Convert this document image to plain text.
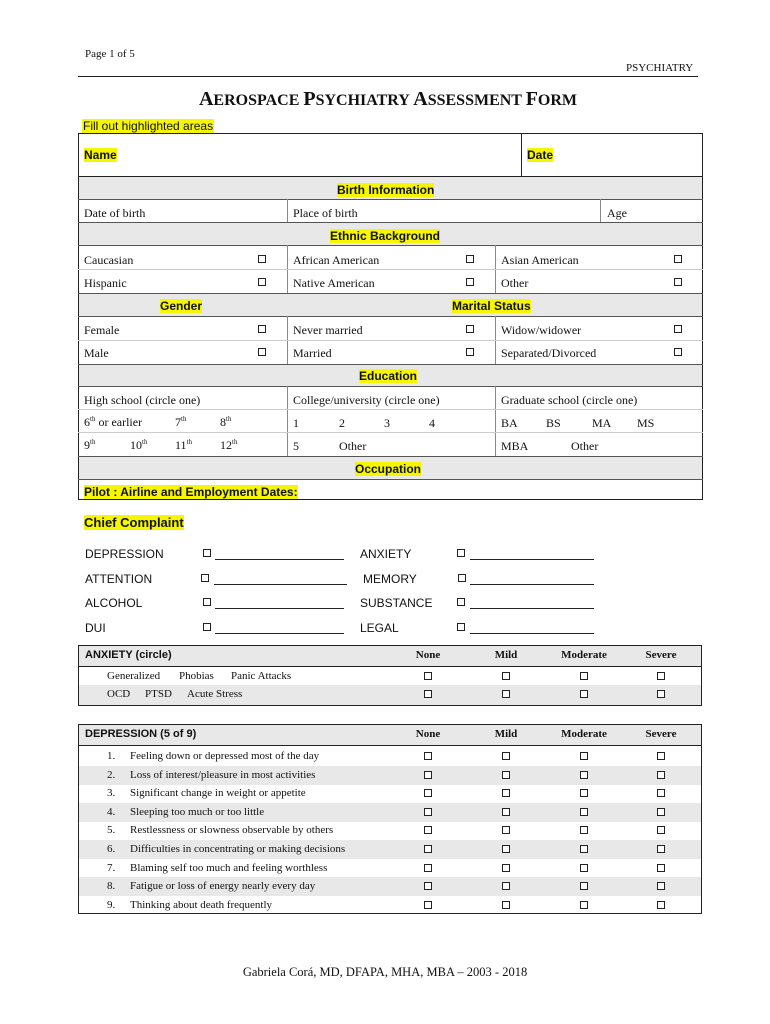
Page 1 of 5
PSYCHIATRY
AEROSPACE PSYCHIATRY ASSESSMENT FORM
Fill out highlighted areas
Name	Date
Birth Information
Date of birth	Place of birth	Age
Ethnic Background
Caucasian	African American	Asian American
Hispanic	Native American	Other
Gender	Marital Status
Female	Never married	Widow/widower
Male	Married	Separated/Divorced
Education
High school (circle one)	College/university (circle one)	Graduate school (circle one)
6th or earlier	7th	8th	1	2	3	4	BA BS	MA MS
9th	10th 11th 12th	5	Other	MBA	Other
Occupation
Pilot : Airline and Employment Dates:
Chief Complaint
DEPRESSION	ANXIETY
ATTENTION	MEMORY
ALCOHOL	SUBSTANCE
DUI	LEGAL
ANXIETY (circle)	None	Mild	Moderate	Severe
Generalized Phobias Panic Attacks
OCD PTSD Acute Stress
DEPRESSION (5 of 9)	None	Mild	Moderate	Severe
1. Feeling down or depressed most of the day
2. Loss of interest/pleasure in most activities
3. Significant change in weight or appetite
4. Sleeping too much or too little
5. Restlessness or slowness observable by others
6. Difficulties in concentrating or making decisions
7. Blaming self too much and feeling worthless
8. Fatigue or loss of energy nearly every day
9. Thinking about death frequently
Gabriela Corá, MD, DFAPA, MHA, MBA – 2003 - 2018
